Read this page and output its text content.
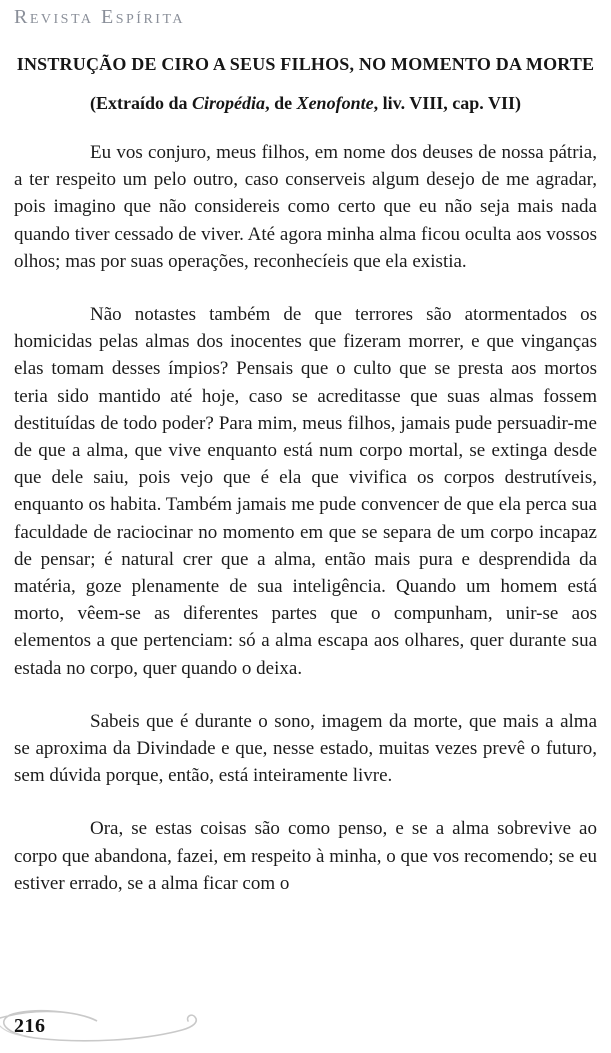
Revista Espírita
INSTRUÇÃO DE CIRO A SEUS FILHOS, NO MOMENTO DA MORTE
(Extraído da Ciropédia, de Xenofonte, liv. VIII, cap. VII)

Eu vos conjuro, meus filhos, em nome dos deuses de nossa pátria, a ter respeito um pelo outro, caso conserveis algum desejo de me agradar, pois imagino que não considereis como certo que eu não seja mais nada quando tiver cessado de viver. Até agora minha alma ficou oculta aos vossos olhos; mas por suas operações, reconhecíeis que ela existia.

Não notastes também de que terrores são atormentados os homicidas pelas almas dos inocentes que fizeram morrer, e que vinganças elas tomam desses ímpios? Pensais que o culto que se presta aos mortos teria sido mantido até hoje, caso se acreditasse que suas almas fossem destituídas de todo poder? Para mim, meus filhos, jamais pude persuadir-me de que a alma, que vive enquanto está num corpo mortal, se extinga desde que dele saiu, pois vejo que é ela que vivifica os corpos destrutíveis, enquanto os habita. Também jamais me pude convencer de que ela perca sua faculdade de raciocinar no momento em que se separa de um corpo incapaz de pensar; é natural crer que a alma, então mais pura e desprendida da matéria, goze plenamente de sua inteligência. Quando um homem está morto, vêem-se as diferentes partes que o compunham, unir-se aos elementos a que pertenciam: só a alma escapa aos olhares, quer durante sua estada no corpo, quer quando o deixa.

Sabeis que é durante o sono, imagem da morte, que mais a alma se aproxima da Divindade e que, nesse estado, muitas vezes prevê o futuro, sem dúvida porque, então, está inteiramente livre.

Ora, se estas coisas são como penso, e se a alma sobrevive ao corpo que abandona, fazei, em respeito à minha, o que vos recomendo; se eu estiver errado, se a alma ficar com o

216
